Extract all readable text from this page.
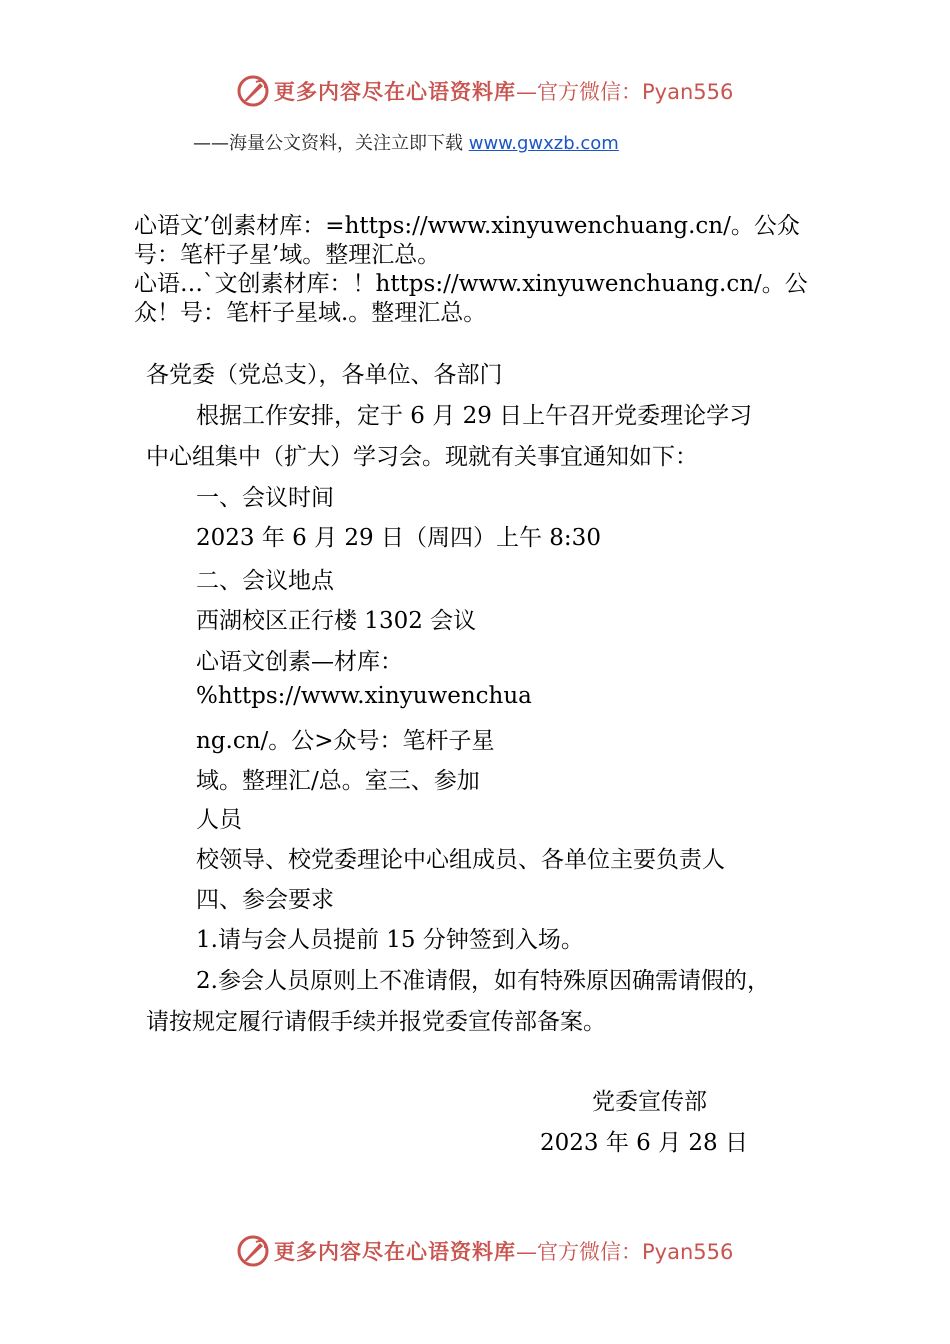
更多内容尽在心语资料库 —官方微信：Pyan556
——海量公文资料，关注立即下载 www.gwxzb.com
心语文’创素材库：=https://www.xinyuwenchuang.cn/。公众
号：笔杆子星’域。整理汇总。
心语…`文创素材库：！https://www.xinyuwenchuang.cn/。公
众！号：笔杆子星域.。整理汇总。
各党委（党总支），各单位、各部门
根据工作安排，定于 6 月 29 日上午召开党委理论学习
中心组集中（扩大）学习会。现就有关事宜通知如下：
一、会议时间
2023 年 6 月 29 日（周四）上午 8:30
二、会议地点
西湖校区正行楼 1302 会议
心语文创素—材库：
%https://www.xinyuwenchua
ng.cn/。公>众号：笔杆子星
域。整理汇/总。室三、参加
人员
校领导、校党委理论中心组成员、各单位主要负责人
四、参会要求
1.请与会人员提前 15 分钟签到入场。
2.参会人员原则上不准请假，如有特殊原因确需请假的，
请按规定履行请假手续并报党委宣传部备案。
党委宣传部
2023 年 6 月 28 日
更多内容尽在心语资料库 —官方微信：Pyan556
